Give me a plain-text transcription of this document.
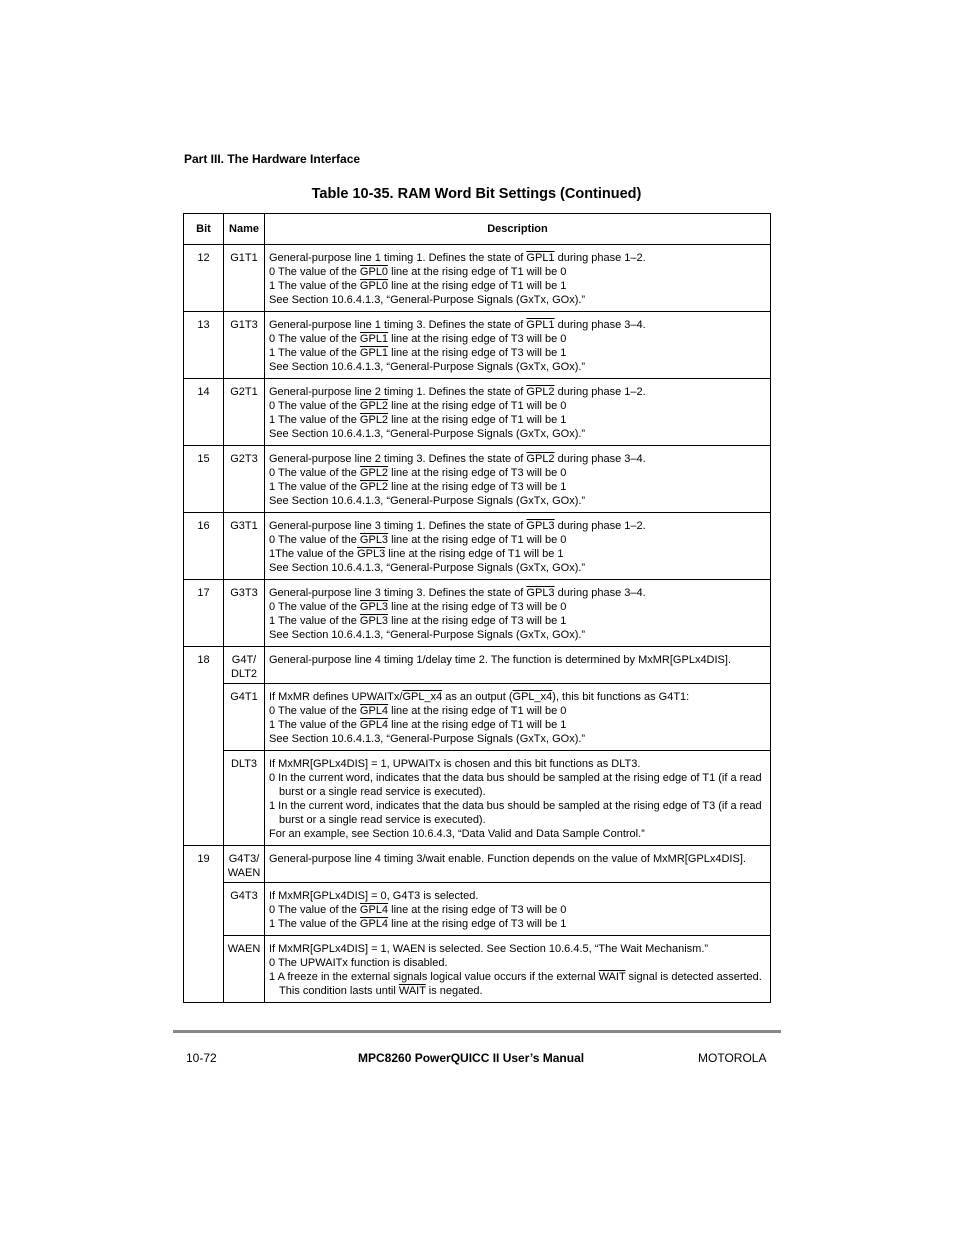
Part III. The Hardware Interface
Table 10-35. RAM Word Bit Settings (Continued)
Bit	Name	Description
12	G1T1	General-purpose line 1 timing 1. Defines the state of GPL1 during phase 1–2.
0 The value of the GPL0 line at the rising edge of T1 will be 0
1 The value of the GPL0 line at the rising edge of T1 will be 1
See Section 10.6.4.1.3, “General-Purpose Signals (GxTx, GOx).”

13	G1T3	General-purpose line 1 timing 3. Defines the state of GPL1 during phase 3–4.
0 The value of the GPL1 line at the rising edge of T3 will be 0
1 The value of the GPL1 line at the rising edge of T3 will be 1
See Section 10.6.4.1.3, “General-Purpose Signals (GxTx, GOx).”

14	G2T1	General-purpose line 2 timing 1. Defines the state of GPL2 during phase 1–2.
0 The value of the GPL2 line at the rising edge of T1 will be 0
1 The value of the GPL2 line at the rising edge of T1 will be 1
See Section 10.6.4.1.3, “General-Purpose Signals (GxTx, GOx).”

15	G2T3	General-purpose line 2 timing 3. Defines the state of GPL2 during phase 3–4.
0 The value of the GPL2 line at the rising edge of T3 will be 0
1 The value of the GPL2 line at the rising edge of T3 will be 1
See Section 10.6.4.1.3, “General-Purpose Signals (GxTx, GOx).”

16	G3T1	General-purpose line 3 timing 1. Defines the state of GPL3 during phase 1–2.
0 The value of the GPL3 line at the rising edge of T1 will be 0
1The value of the GPL3 line at the rising edge of T1 will be 1
See Section 10.6.4.1.3, “General-Purpose Signals (GxTx, GOx).”

17	G3T3	General-purpose line 3 timing 3. Defines the state of GPL3 during phase 3–4.
0 The value of the GPL3 line at the rising edge of T3 will be 0
1 The value of the GPL3 line at the rising edge of T3 will be 1
See Section 10.6.4.1.3, “General-Purpose Signals (GxTx, GOx).”

18	G4T/ DLT2	General-purpose line 4 timing 1/delay time 2. The function is determined by MxMR[GPLx4DIS].

	G4T1	If MxMR defines UPWAITx/GPL_x4 as an output (GPL_x4), this bit functions as G4T1:
0 The value of the GPL4 line at the rising edge of T1 will be 0
1 The value of the GPL4 line at the rising edge of T1 will be 1
See Section 10.6.4.1.3, “General-Purpose Signals (GxTx, GOx).”

	DLT3	If MxMR[GPLx4DIS] = 1, UPWAITx is chosen and this bit functions as DLT3.
0 In the current word, indicates that the data bus should be sampled at the rising edge of T1 (if a read burst or a single read service is executed).
1 In the current word, indicates that the data bus should be sampled at the rising edge of T3 (if a read burst or a single read service is executed).
For an example, see Section 10.6.4.3, “Data Valid and Data Sample Control.”

19	G4T3/ WAEN	General-purpose line 4 timing 3/wait enable. Function depends on the value of MxMR[GPLx4DIS].

	G4T3	If MxMR[GPLx4DIS] = 0, G4T3 is selected.
0 The value of the GPL4 line at the rising edge of T3 will be 0
1 The value of the GPL4 line at the rising edge of T3 will be 1

	WAEN	If MxMR[GPLx4DIS] = 1, WAEN is selected. See Section 10.6.4.5, “The Wait Mechanism.”
0 The UPWAITx function is disabled.
1 A freeze in the external signals logical value occurs if the external WAIT signal is detected asserted. This condition lasts until WAIT is negated.
10-72	MPC8260 PowerQUICC II User’s Manual	MOTOROLA
